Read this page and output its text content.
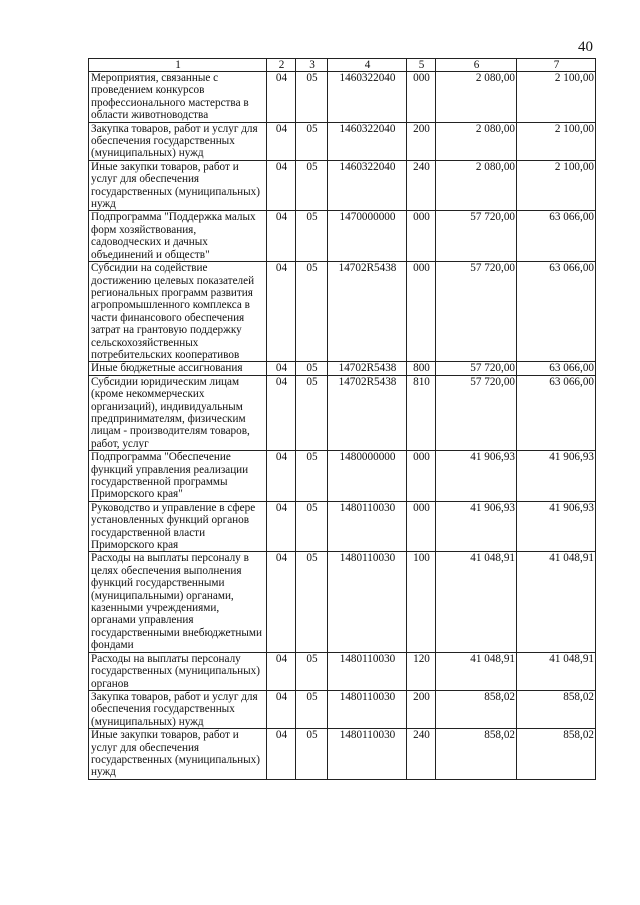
40
1	2	3	4	5	6	7
Мероприятия, связанные с проведением конкурсов профессионального мастерства в области животноводства	04	05	1460322040	000	2 080,00	2 100,00
Закупка товаров, работ и услуг для обеспечения государственных (муниципальных) нужд	04	05	1460322040	200	2 080,00	2 100,00
Иные закупки товаров, работ и услуг для обеспечения государственных (муниципальных) нужд	04	05	1460322040	240	2 080,00	2 100,00
Подпрограмма "Поддержка малых форм хозяйствования, садоводческих и дачных объединений и обществ"	04	05	1470000000	000	57 720,00	63 066,00
Субсидии на содействие достижению целевых показателей региональных программ развития агропромышленного комплекса в части финансового обеспечения затрат на грантовую поддержку сельскохозяйственных потребительских кооперативов	04	05	14702R5438	000	57 720,00	63 066,00
Иные бюджетные ассигнования	04	05	14702R5438	800	57 720,00	63 066,00
Субсидии юридическим лицам (кроме некоммерческих организаций), индивидуальным предпринимателям, физическим лицам - производителям товаров, работ, услуг	04	05	14702R5438	810	57 720,00	63 066,00
Подпрограмма "Обеспечение функций управления реализации государственной программы Приморского края"	04	05	1480000000	000	41 906,93	41 906,93
Руководство и управление в сфере установленных функций органов государственной власти Приморского края	04	05	1480110030	000	41 906,93	41 906,93
Расходы на выплаты персоналу в целях обеспечения выполнения функций государственными (муниципальными) органами, казенными учреждениями, органами управления государственными внебюджетными фондами	04	05	1480110030	100	41 048,91	41 048,91
Расходы на выплаты персоналу государственных (муниципальных) органов	04	05	1480110030	120	41 048,91	41 048,91
Закупка товаров, работ и услуг для обеспечения государственных (муниципальных) нужд	04	05	1480110030	200	858,02	858,02
Иные закупки товаров, работ и услуг для обеспечения государственных (муниципальных) нужд	04	05	1480110030	240	858,02	858,02
